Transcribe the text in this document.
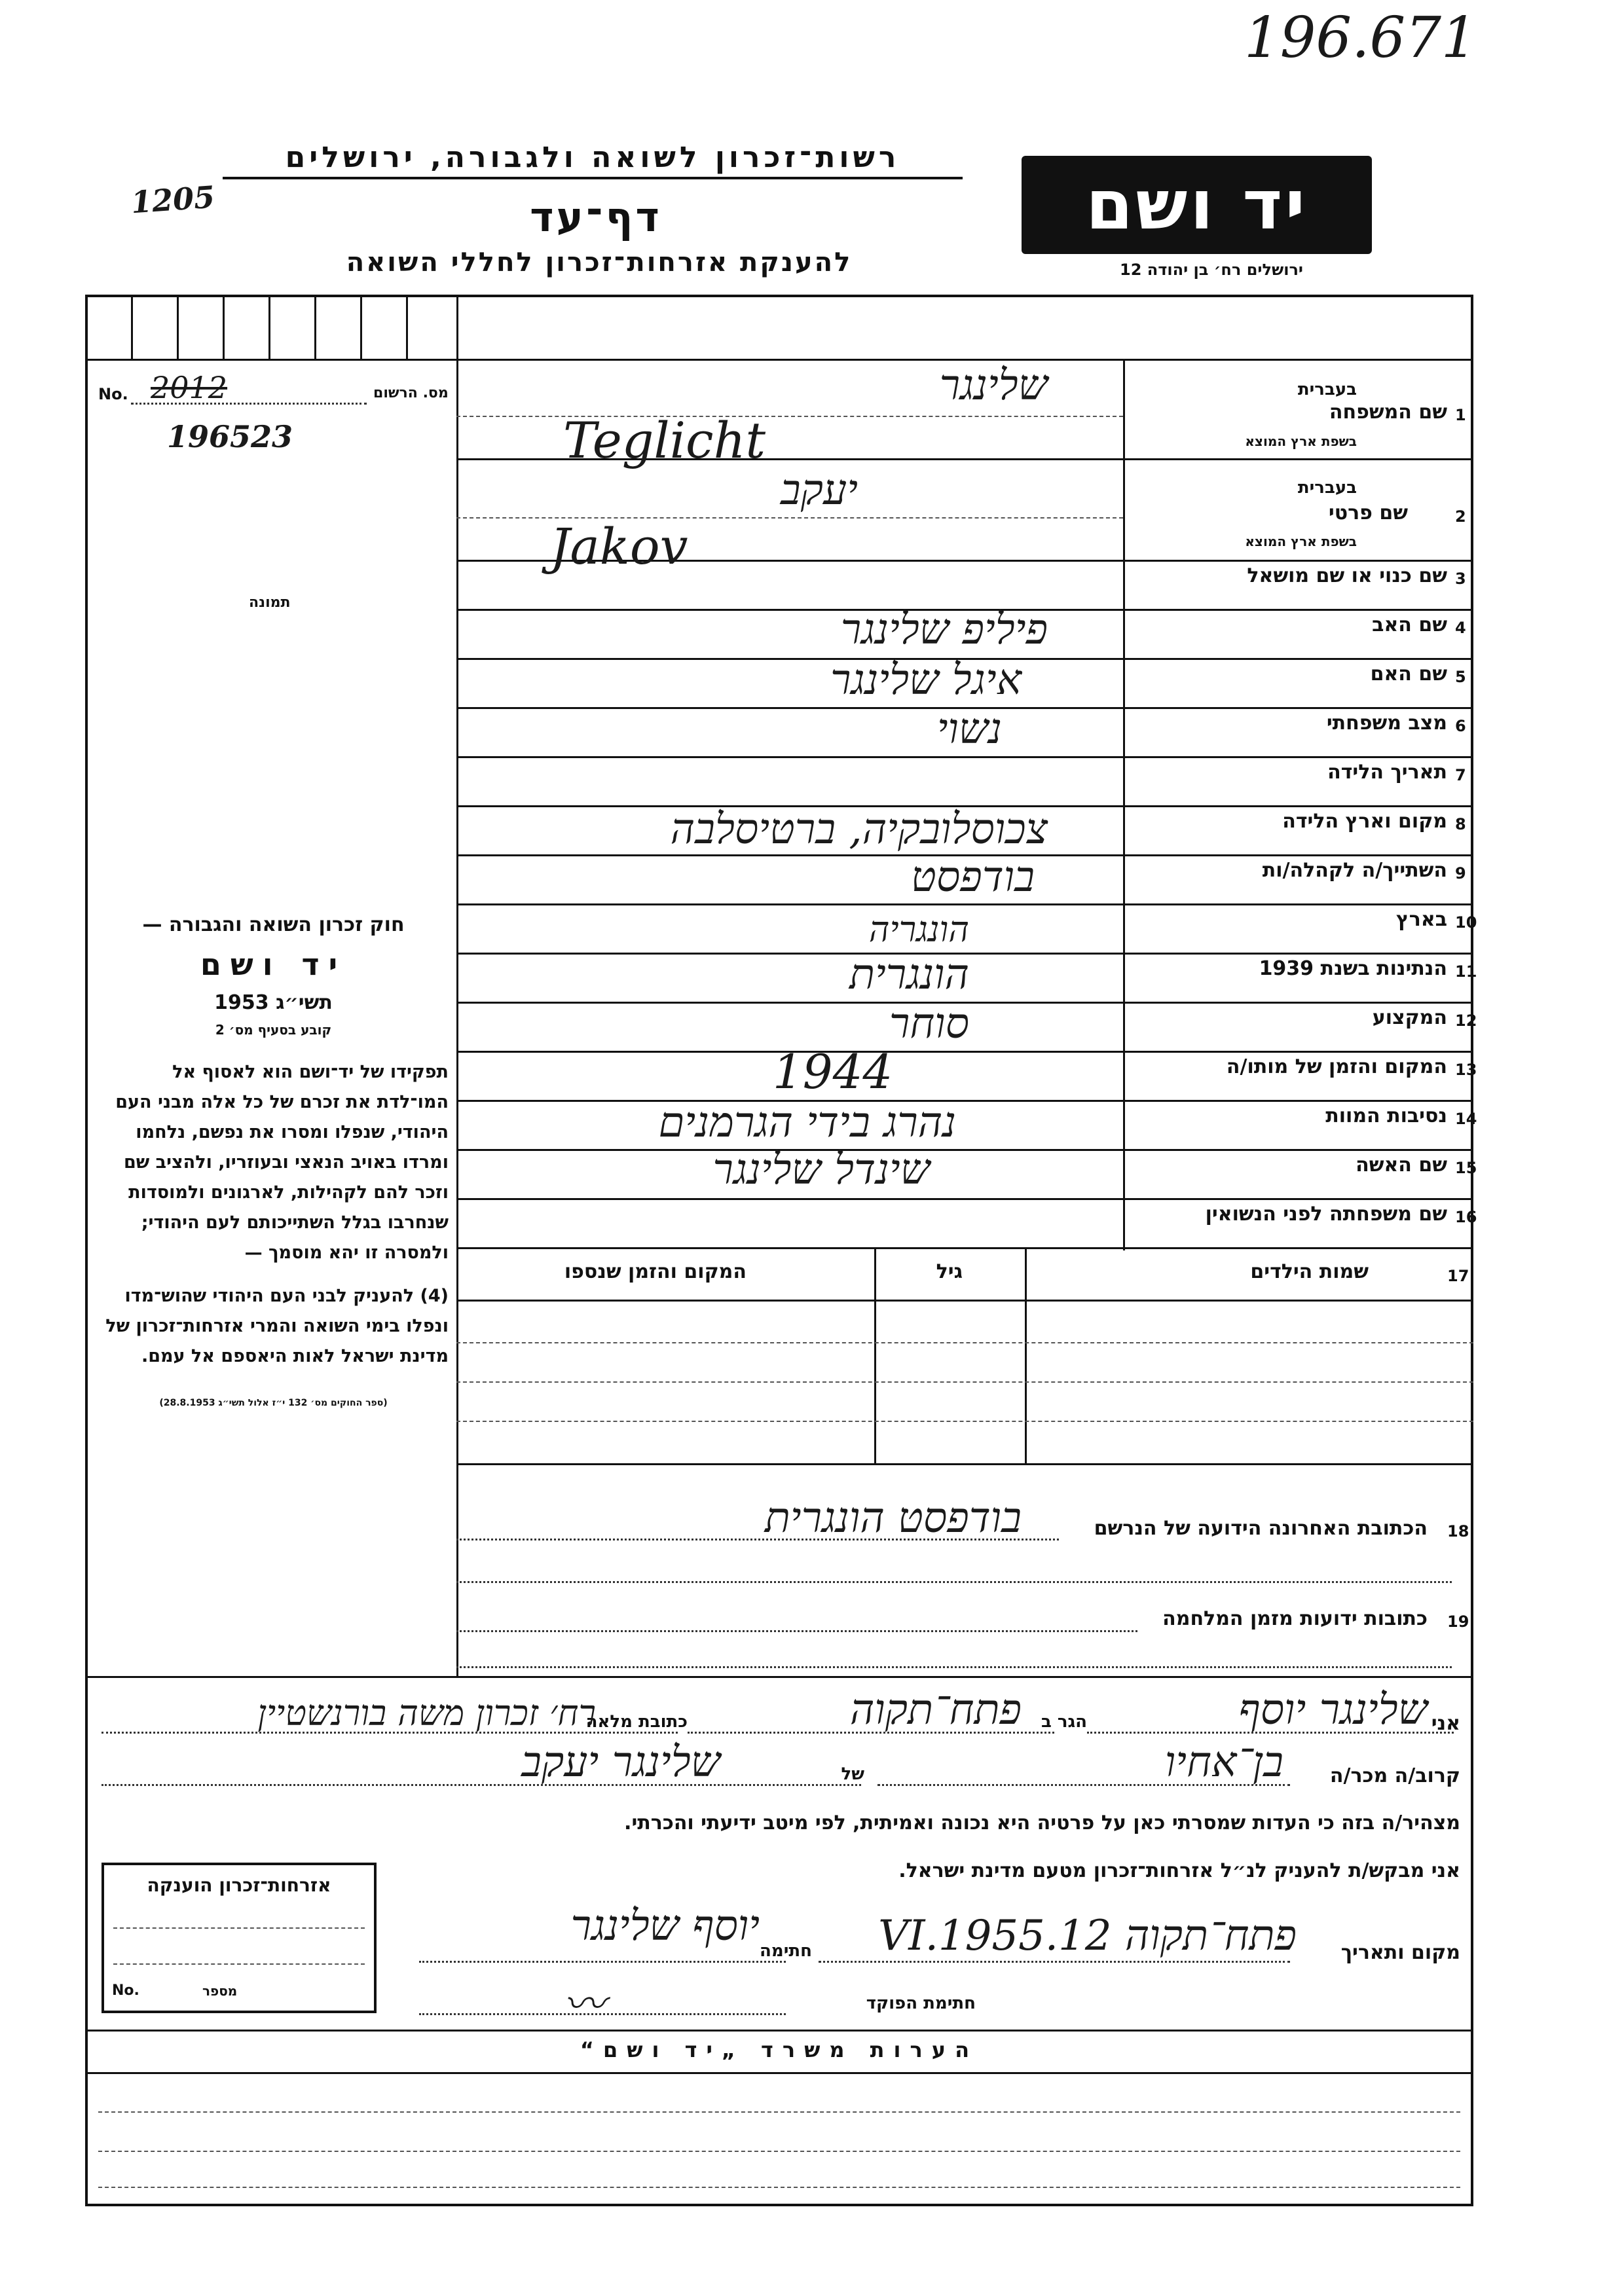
196.671
רשות־זכרון לשואה ולגבורה, ירושלים
1205	דף־עד
להענקת אזרחות־זכרון לחללי השואה
יד ושם
ירושלים רח׳ בן יהודה 12
מס. הרשום
No. 2012
196523
תמונה
חוק זכרון השואה והגבורה —
יד ושם
תשי״ג 1953
קובע בסעיף מס׳ 2
תפקידו של יד־ושם הוא לאסוף אל המו־לדת את זכרם של כל אלה מבני העם היהודי, שנפלו ומסרו את נפשם, נלחמו ומרדו באויב הנאצי ובעוזריו, ולהציב שם וזכר להם לקהילות, לארגונים ולמוסדות שנחרבו בגלל השתייכותם לעם היהודי; ולמסרה זו יהא מוסמך —
(4) להעניק לבני העם היהודי שהוש־מדו ונפלו בימי השואה והמרי אזרחות־זכרון של מדינת ישראל לאות היאספם אל עמם.
(ספר החוקים מס׳ 132 י״ז אלול תשי״ג 28.8.1953)
1
שם המשפחה
בעברית
בשפת ארץ המוצא
שלינגר
Teglicht
2
שם פרטי
בעברית
בשפת ארץ המוצא
יעקב
Jakov
3
שם כנוי או שם מושאל
4
שם האב
פיליפ שלינגר
5
שם האם
איגל שלינגר
6
מצב משפחתי
נשוי
7
תאריך הלידה
8
מקום וארץ הלידה
צכוסלובקיה, ברטיסלבה
9
השתייך/ה לקהלה/ות
בודפסט
10
בארץ
הונגריה
11
הנתינות בשנת 1939
הונגרית
12
המקצוע
סוחר
13
המקום והזמן של מותו/ה
1944
14
נסיבות המוות
נהרג בידי הגרמנים
15
שם האשה
שינדל שלינגר
16
שם משפחתה לפני הנשואין
17
שמות הילדים
גיל
המקום והזמן שנספו
18
הכתובת האחרונה הידועה של הנרשם
בודפסט הונגרית
19
כתובות ידועות מזמן המלחמה
אני
שלינגר יוסף
הגר ב
פתח־תקוה
כתובת מלאה
רח׳ זכרון משה בורנשטיין
קרוב/ה מכר/ה
בן־אחיו
של
שלינגר יעקב
מצהיר/ה בזה כי העדות שמסרתי כאן על פרטיה היא נכונה ואמיתית, לפי מיטב ידיעתי והכרתי.
אני מבקש/ת להעניק לנ״ל אזרחות־זכרון מטעם מדינת ישראל.
מקום ותאריך
פתח־תקוה 12.VI.1955
חתימה
יוסף שלינגר
חתימת הפוקד
〰
אזרחות־זכרון הוענקה
No.	מספר
הערות משרד „יד ושם“
